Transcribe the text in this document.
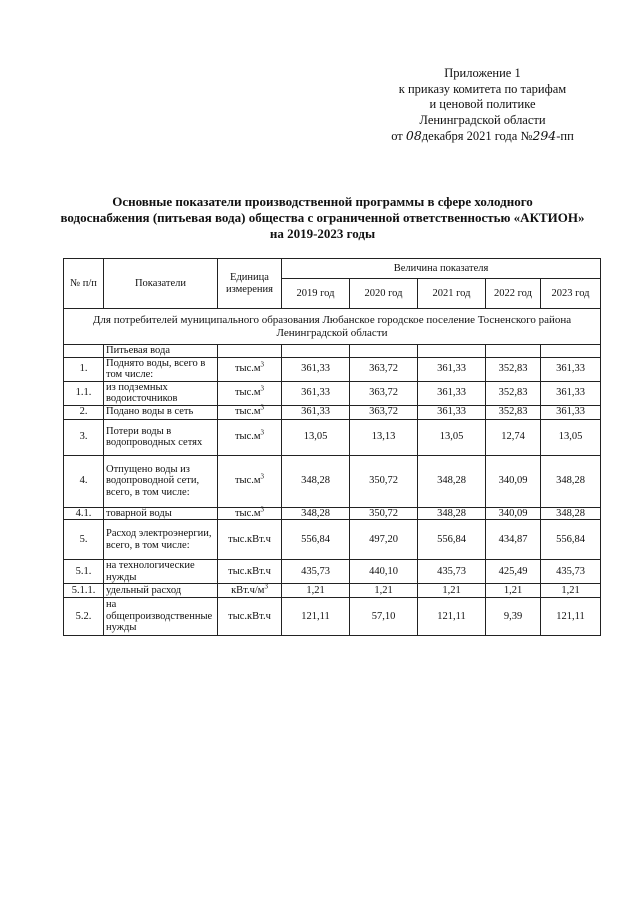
Приложение 1
к приказу комитета по тарифам
и ценовой политике
Ленинградской области
от 08декабря 2021 года №294-пп
Основные показатели производственной программы в сфере холодного
водоснабжения (питьевая вода) общества с ограниченной ответственностью «АКТИОН»
на 2019-2023 годы
№ п/п	Показатели	Единица измерения	Величина показателя				
			2019 год	2020 год	2021 год	2022 год	2023 год
Для потребителей муниципального образования Любанское городское поселение Тосненского района Ленинградской области							
	Питьевая вода						
1.	Поднято воды, всего в том числе:	$тыс.м^3$	361,33	363,72	361,33	352,83	361,33
1.1.	из подземных водоисточников	$тыс.м^3$	361,33	363,72	361,33	352,83	361,33
2.	Подано воды в сеть	$тыс.м^3$	361,33	363,72	361,33	352,83	361,33
3.	Потери воды в водопроводных сетях	$тыс.м^3$	13,05	13,13	13,05	12,74	13,05
4.	Отпущено воды из водопроводной сети, всего, в том числе:	$тыс.м^3$	348,28	350,72	348,28	340,09	348,28
4.1.	товарной воды	$тыс.м^3$	348,28	350,72	348,28	340,09	348,28
5.	Расход электроэнергии, всего, в том числе:	тыс.кВт.ч	556,84	497,20	556,84	434,87	556,84
5.1.	на технологические нужды	тыс.кВт.ч	435,73	440,10	435,73	425,49	435,73
5.1.1.	удельный расход	$кВт.ч/м^3$	1,21	1,21	1,21	1,21	1,21
5.2.	на общепроизводственные нужды	тыс.кВт.ч	121,11	57,10	121,11	9,39	121,11
